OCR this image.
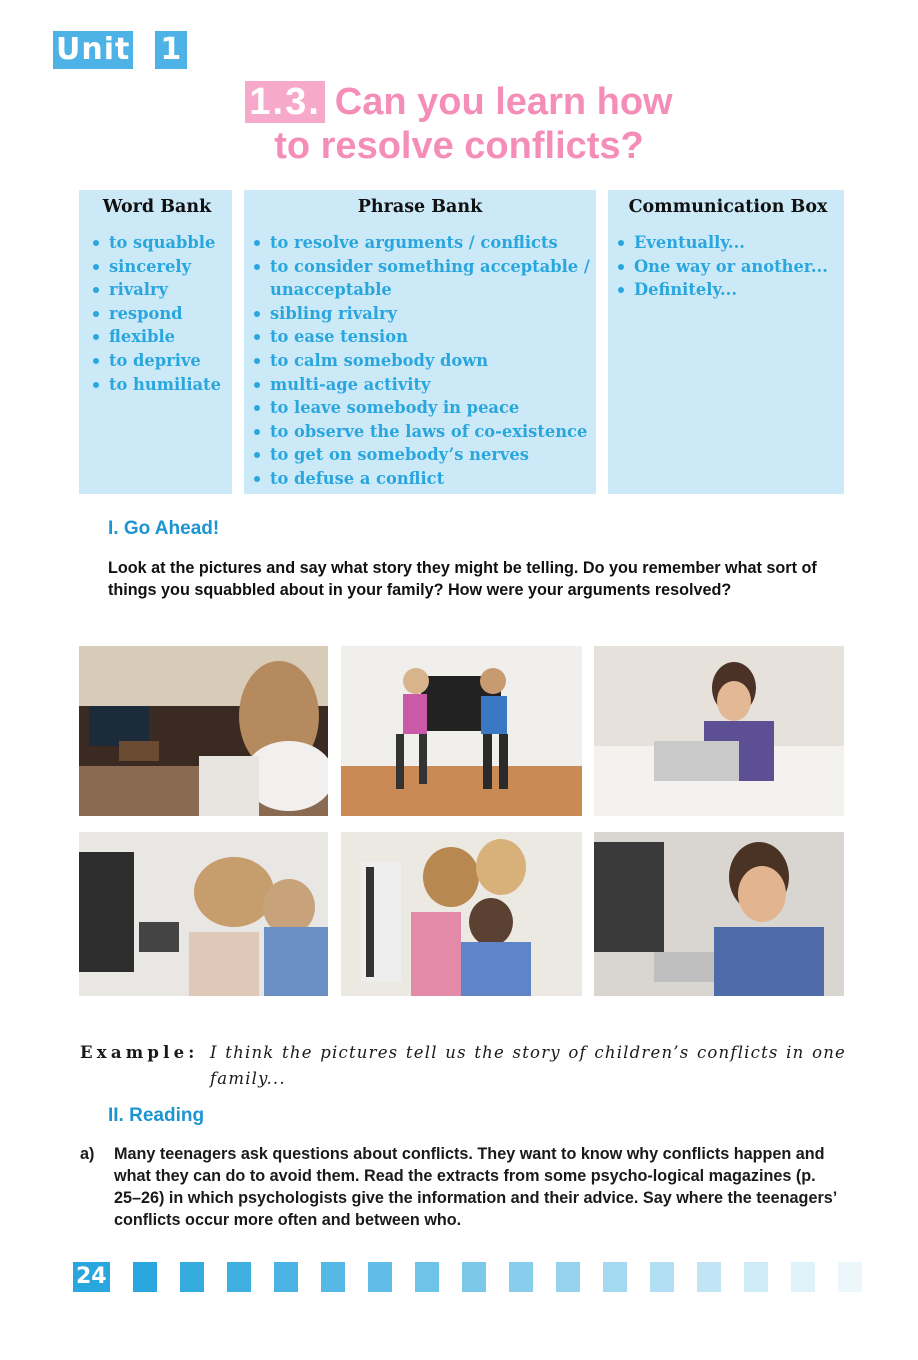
Unit 1
1.3. Can you learn how
to resolve conflicts?
Word Bank
to squabble
sincerely
rivalry
respond
flexible
to deprive
to humiliate
Phrase Bank
to resolve arguments / conflicts
to consider something acceptable / unacceptable
sibling rivalry
to ease tension
to calm somebody down
multi-age activity
to leave somebody in peace
to observe the laws of co-existence
to get on somebody’s nerves
to defuse a conflict
Communication Box
Eventually...
One way or another...
Definitely...
I. Go Ahead!
Look at the pictures and say what story they might be telling. Do you remember what sort of things you squabbled about in your family? How were your arguments resolved?
Example: I think the pictures tell us the story of children’s conflicts in one family...
II. Reading
a) Many teenagers ask questions about conflicts. They want to know why conflicts happen and what they can do to avoid them. Read the extracts from some psycho-logical magazines (p. 25–26) in which psychologists give the information and their advice. Say where the teenagers’ conflicts occur more often and between who.
24
